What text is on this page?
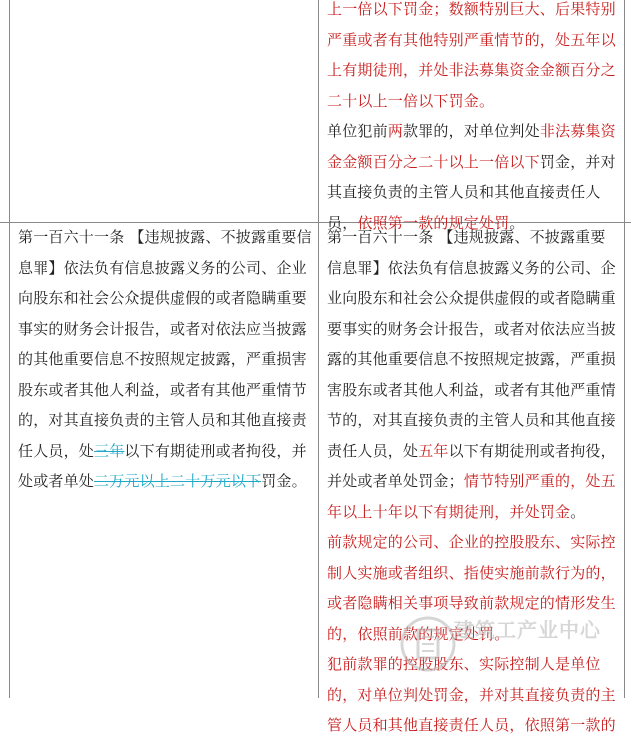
第一百六十一条 【违规披露、不披露重要信息罪】依法负有信息披露义务的公司、企业向股东和社会公众提供虚假的或者隐瞒重要事实的财务会计报告，或者对依法应当披露的其他重要信息不按照规定披露，严重损害股东或者其他人利益，或者有其他严重情节的，对其直接负责的主管人员和其他直接责任人员，处三年以下有期徒刑或者拘役，并处或者单处二万元以上二十万元以下罚金。

上一倍以下罚金；数额特别巨大、后果特别严重或者有其他特别严重情节的，处五年以上有期徒刑，并处非法募集资金金额百分之二十以上一倍以下罚金。

单位犯前两款罪的，对单位判处非法募集资金金额百分之二十以上一倍以下罚金，并对其直接负责的主管人员和其他直接责任人员，依照第一款的规定处罚。

第一百六十一条 【违规披露、不披露重要信息罪】依法负有信息披露义务的公司、企业向股东和社会公众提供虚假的或者隐瞒重要事实的财务会计报告，或者对依法应当披露的其他重要信息不按照规定披露，严重损害股东或者其他人利益，或者有其他严重情节的，对其直接负责的主管人员和其他直接责任人员，处五年以下有期徒刑或者拘役，并处或者单处罚金；情节特别严重的，处五年以上十年以下有期徒刑，并处罚金。

前款规定的公司、企业的控股股东、实际控制人实施或者组织、指使实施前款行为的，或者隐瞒相关事项导致前款规定的情形发生的，依照前款的规定处罚。

犯前款罪的控股股东、实际控制人是单位的，对单位判处罚金，并对其直接负责的主管人员和其他直接责任人员，依照第一款的

建筑工产业中心
